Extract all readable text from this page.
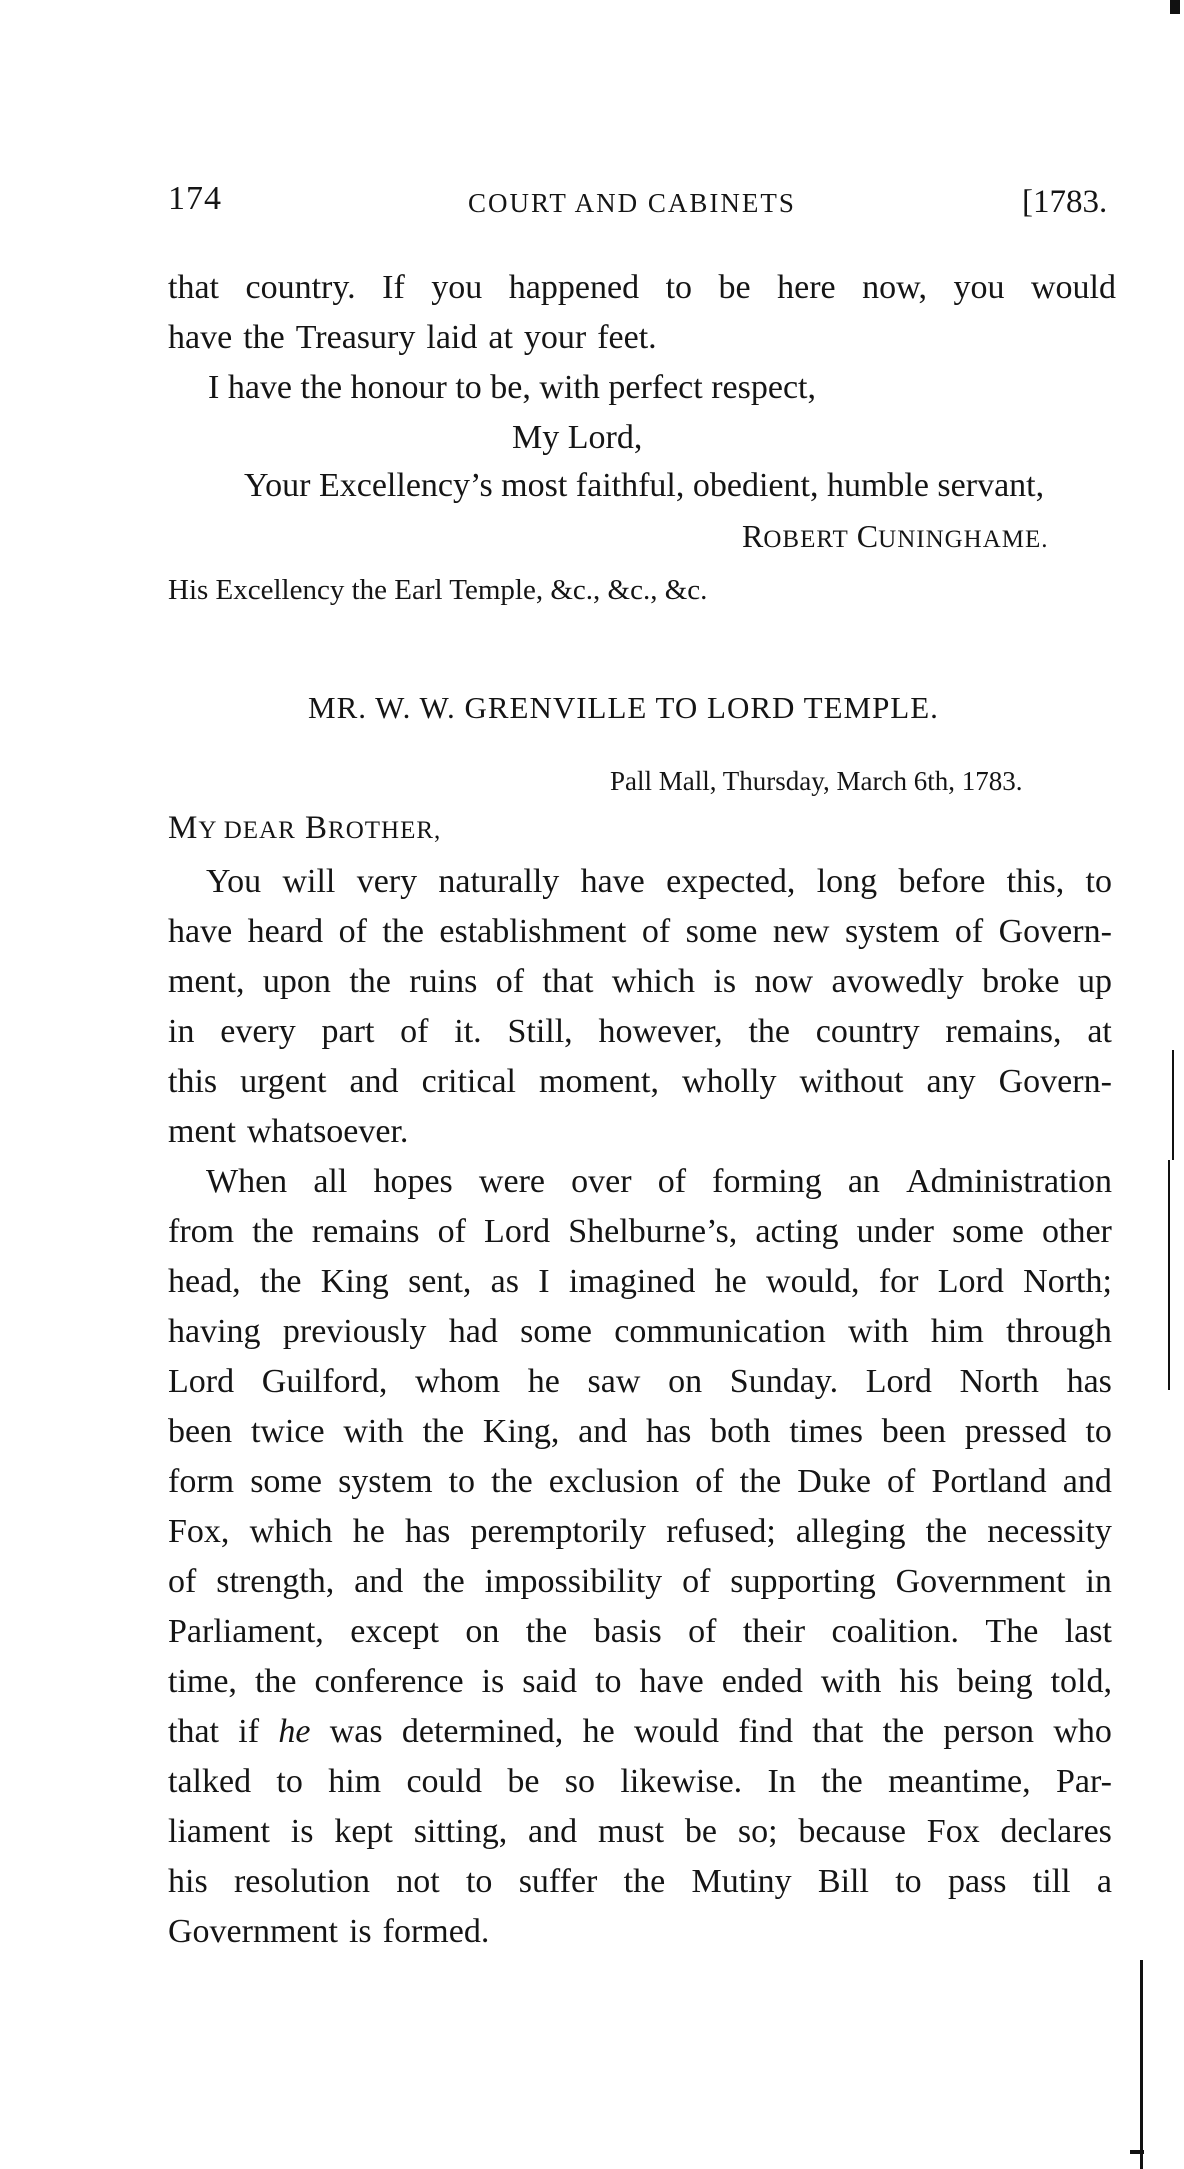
174	COURT AND CABINETS	[1783.
that country. If you happened to be here now, you would
have the Treasury laid at your feet.
I have the honour to be, with perfect respect,
My Lord,
Your Excellency’s most faithful, obedient, humble servant,
ROBERT CUNINGHAME.
His Excellency the Earl Temple, &c., &c., &c.
MR. W. W. GRENVILLE TO LORD TEMPLE.
Pall Mall, Thursday, March 6th, 1783.
MY DEAR BROTHER,
You will very naturally have expected, long before this, to
have heard of the establishment of some new system of Govern-
ment, upon the ruins of that which is now avowedly broke up
in every part of it. Still, however, the country remains, at
this urgent and critical moment, wholly without any Govern-
ment whatsoever.
When all hopes were over of forming an Administration
from the remains of Lord Shelburne’s, acting under some other
head, the King sent, as I imagined he would, for Lord North;
having previously had some communication with him through
Lord Guilford, whom he saw on Sunday. Lord North has
been twice with the King, and has both times been pressed to
form some system to the exclusion of the Duke of Portland and
Fox, which he has peremptorily refused; alleging the necessity
of strength, and the impossibility of supporting Government in
Parliament, except on the basis of their coalition. The last
time, the conference is said to have ended with his being told,
that if he was determined, he would find that the person who
talked to him could be so likewise. In the meantime, Par-
liament is kept sitting, and must be so; because Fox declares
his resolution not to suffer the Mutiny Bill to pass till a
Government is formed.
